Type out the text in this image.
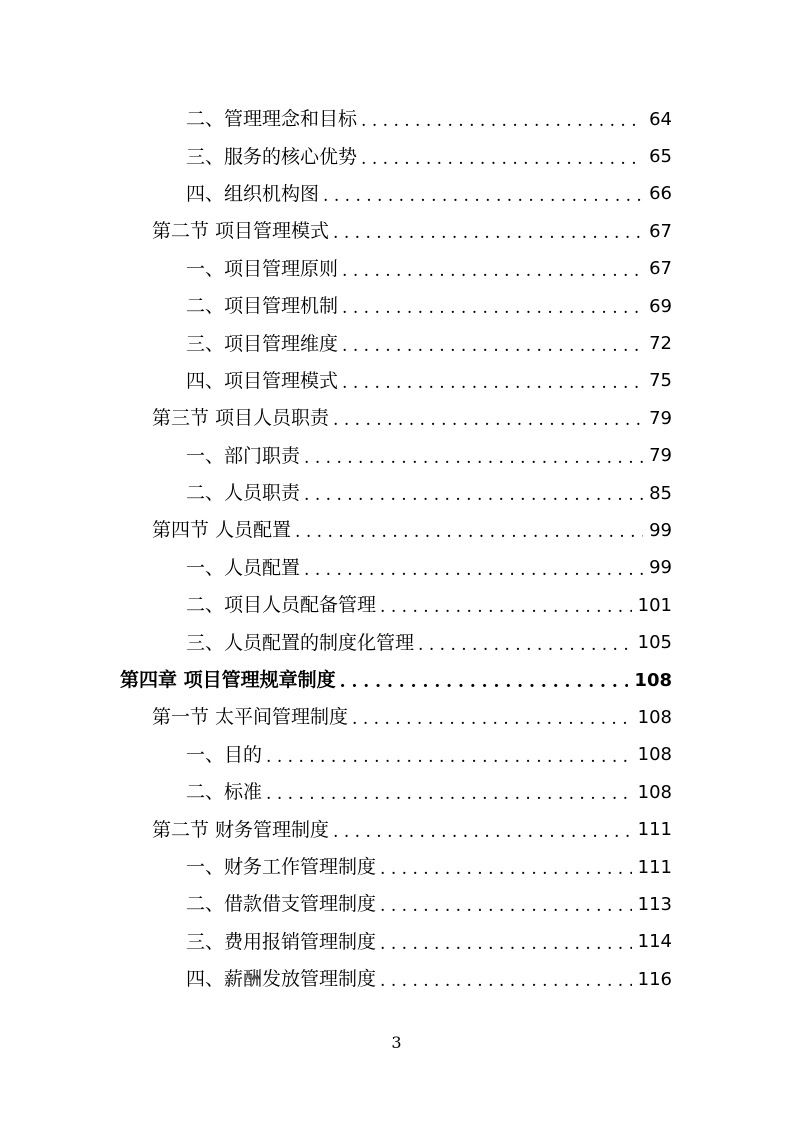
二、管理理念和目标 . . .	64
三、服务的核心优势 . . .	65
四、组织机构图 . . .	66
第二节 项目管理模式 . . .	67
一、项目管理原则 . . .	67
二、项目管理机制 . . .	69
三、项目管理维度 . . .	72
四、项目管理模式 . . .	75
第三节 项目人员职责 . . .	79
一、部门职责 . . .	79
二、人员职责 . . .	85
第四节 人员配置 . . .	99
一、人员配置 . . .	99
二、项目人员配备管理 . . .	101
三、人员配置的制度化管理 . . .	105
第四章 项目管理规章制度 . . .	108
第一节 太平间管理制度 . . .	108
一、目的 . . .	108
二、标准 . . .	108
第二节 财务管理制度 . . .	111
一、财务工作管理制度 . . .	111
二、借款借支管理制度 . . .	113
三、费用报销管理制度 . . .	114
四、薪酬发放管理制度 . . .	116
3
